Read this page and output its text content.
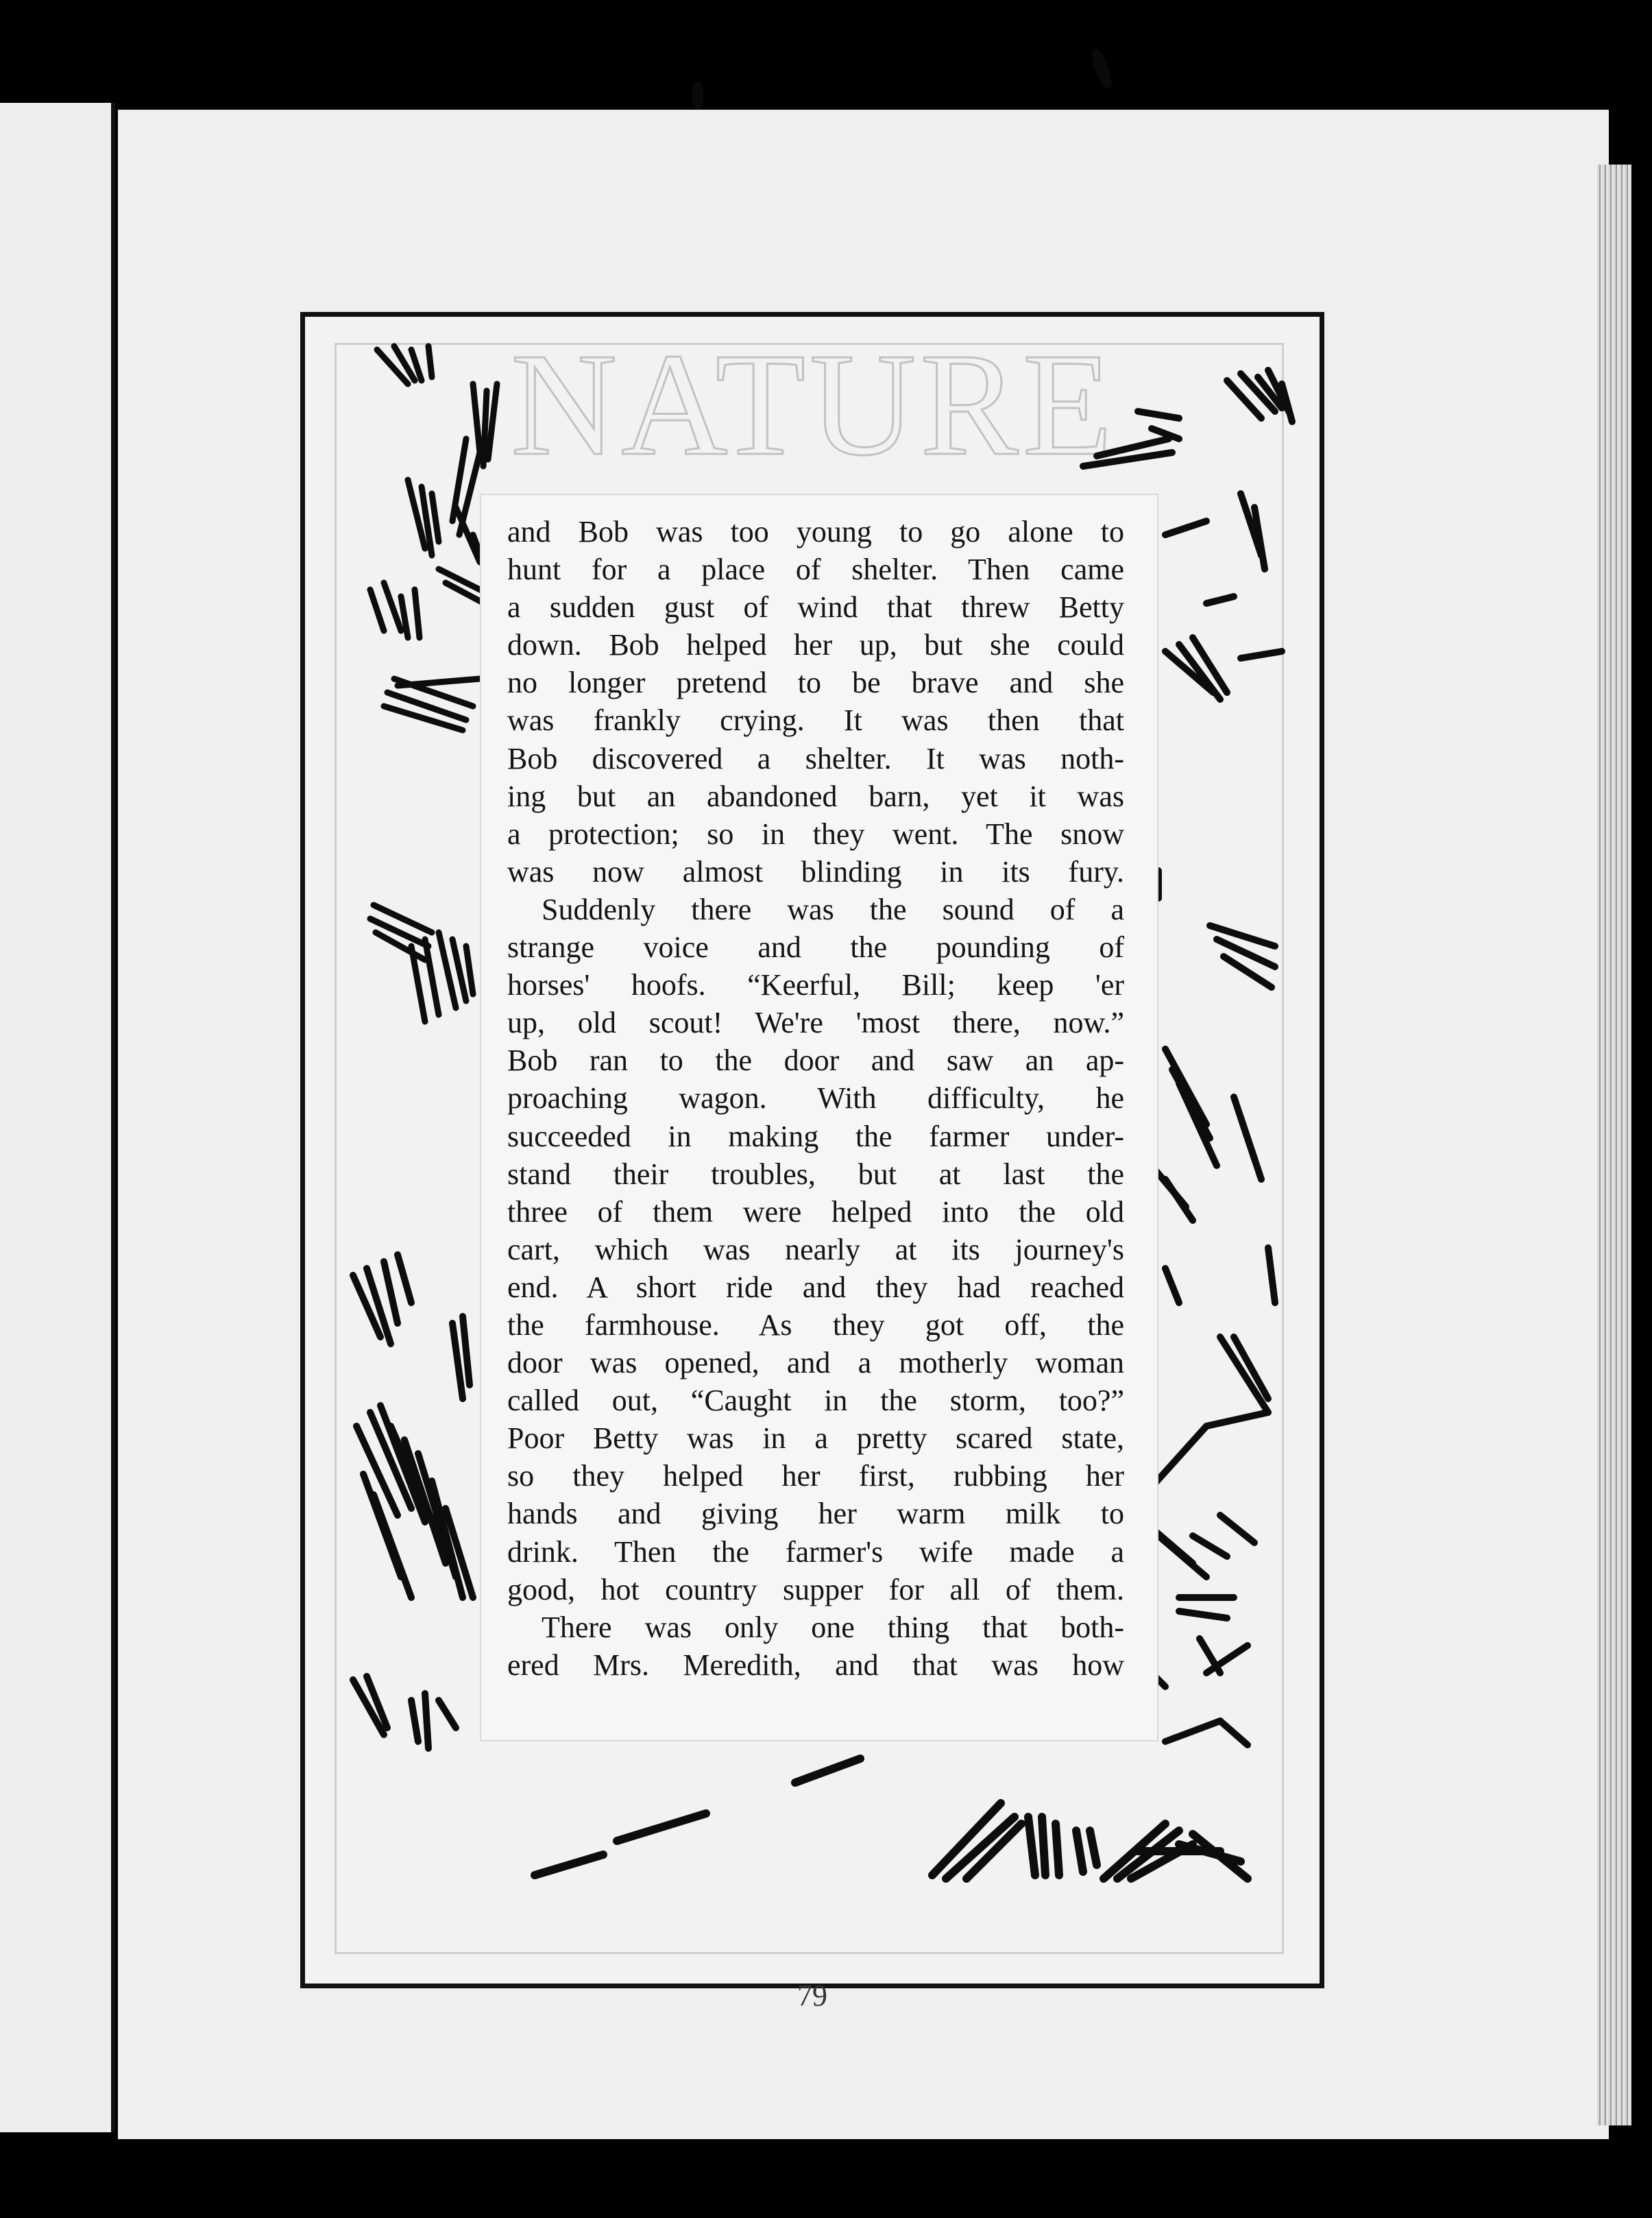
NATURE
and Bob was too young to go alone to
hunt for a place of shelter. Then came
a sudden gust of wind that threw Betty
down. Bob helped her up, but she could
no longer pretend to be brave and she
was frankly crying. It was then that
Bob discovered a shelter. It was noth-
ing but an abandoned barn, yet it was
a protection; so in they went. The snow
was now almost blinding in its fury.
Suddenly there was the sound of a
strange voice and the pounding of
horses' hoofs. “Keerful, Bill; keep 'er
up, old scout! We're 'most there, now.”
Bob ran to the door and saw an ap-
proaching wagon. With difficulty, he
succeeded in making the farmer under-
stand their troubles, but at last the
three of them were helped into the old
cart, which was nearly at its journey's
end. A short ride and they had reached
the farmhouse. As they got off, the
door was opened, and a motherly woman
called out, “Caught in the storm, too?”
Poor Betty was in a pretty scared state,
so they helped her first, rubbing her
hands and giving her warm milk to
drink. Then the farmer's wife made a
good, hot country supper for all of them.
There was only one thing that both-
ered Mrs. Meredith, and that was how
79
